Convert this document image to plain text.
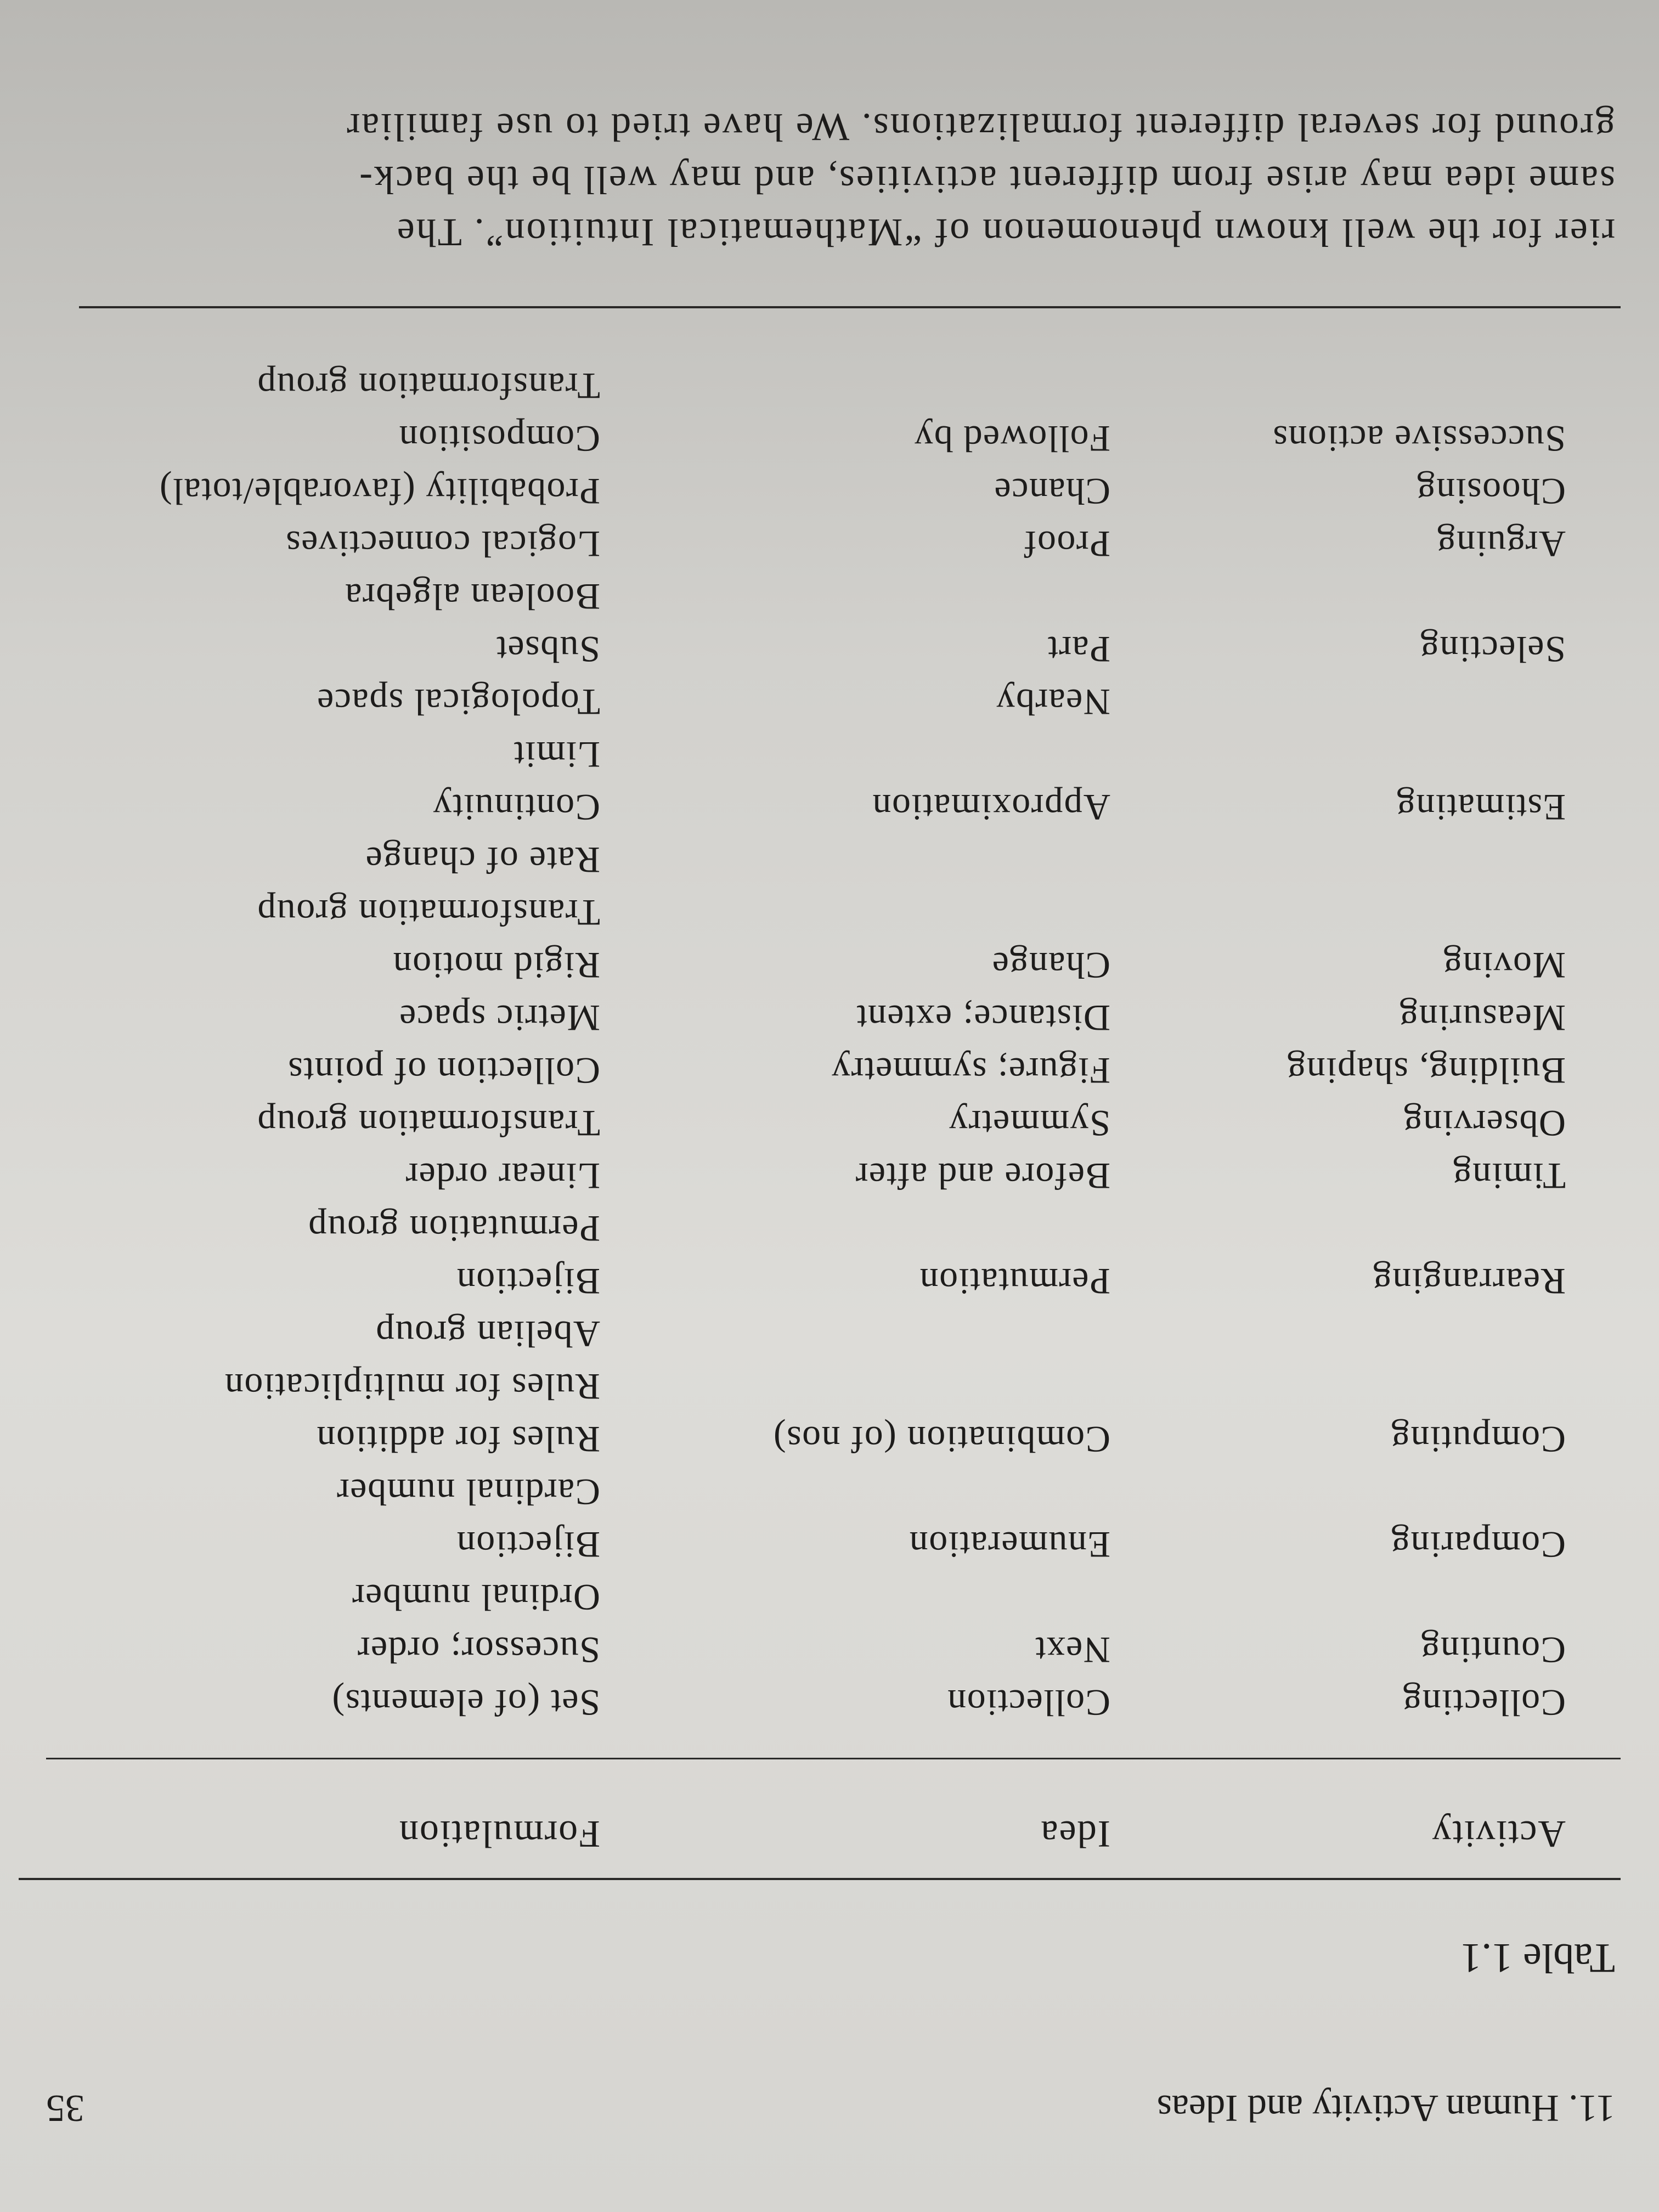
11. Human Activity and Ideas
35
Table 1.1
Activity
Idea
Formulation
Collecting
Collection
Set (of elements)
Counting
Next
Sucessor; order
Ordinal number
Comparing
Enumeration
Bijection
Cardinal number
Computing
Combination (of nos)
Rules for addition
Rules for multiplication
Abelian group
Rearranging
Permutation
Bijection
Permutation group
Timing
Before and after
Linear order
Observing
Symmetry
Transformation group
Building, shaping
Figure; symmetry
Collection of points
Measuring
Distance; extent
Metric space
Moving
Change
Rigid motion
Transformation group
Rate of change
Estimating
Approximation
Continuity
Limit
Nearby
Topological space
Selecting
Part
Subset
Boolean algebra
Arguing
Proof
Logical connectives
Choosing
Chance
Probability (favorable/total)
Successive actions
Followed by
Composition
Transformation group
rier for the well known phenomenon of “Mathematical Intuition”. The
same idea may arise from different activities, and may well be the back-
ground for several different formalizations. We have tried to use familiar
